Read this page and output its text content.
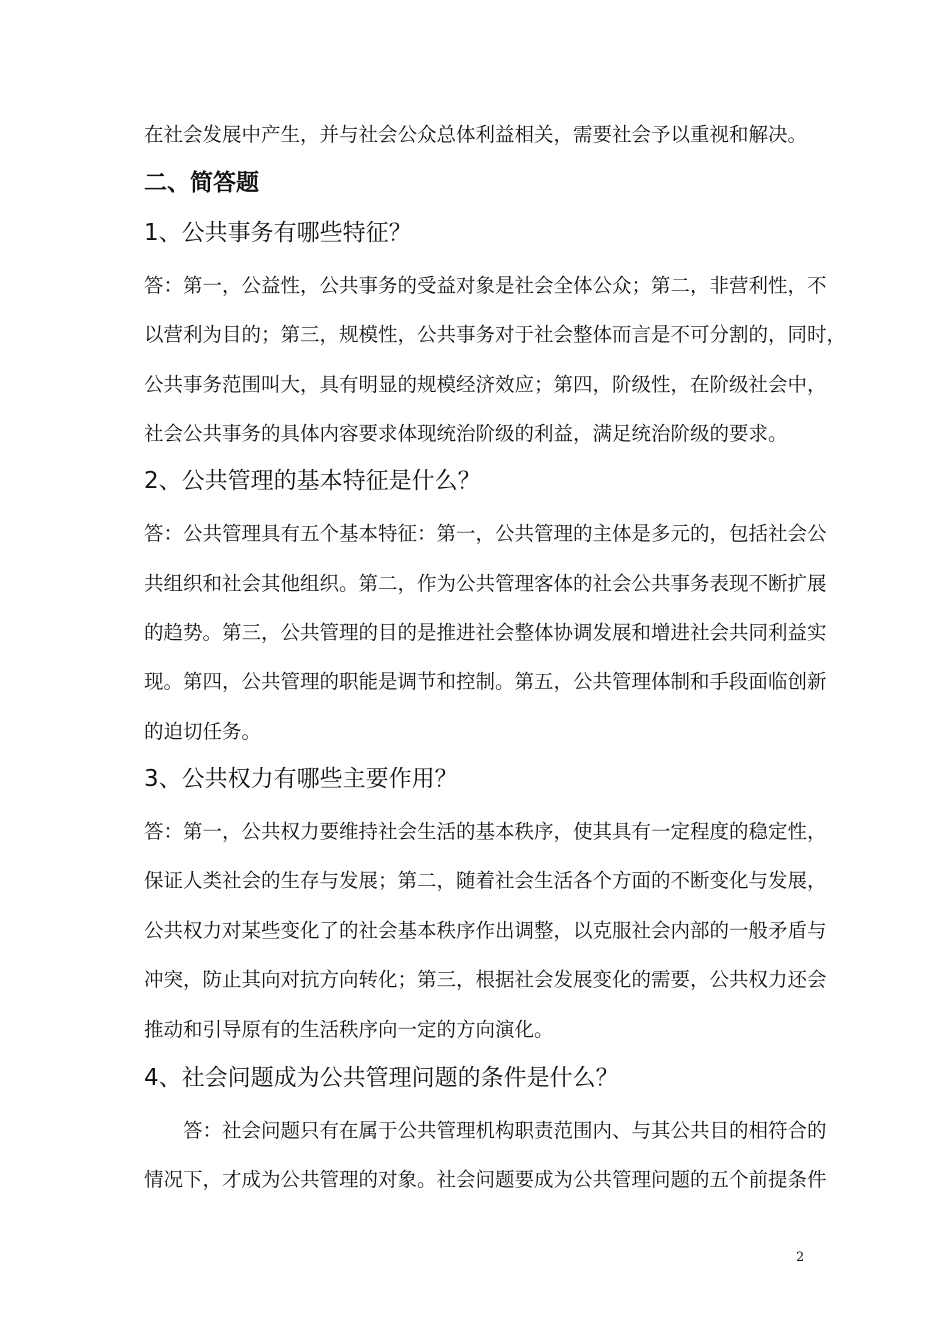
在社会发展中产生，并与社会公众总体利益相关，需要社会予以重视和解决。
二、简答题
1、公共事务有哪些特征？
答：第一，公益性，公共事务的受益对象是社会全体公众；第二，非营利性，不
以营利为目的；第三，规模性，公共事务对于社会整体而言是不可分割的，同时，
公共事务范围叫大，具有明显的规模经济效应；第四，阶级性，在阶级社会中，
社会公共事务的具体内容要求体现统治阶级的利益，满足统治阶级的要求。
2、公共管理的基本特征是什么？
答：公共管理具有五个基本特征：第一，公共管理的主体是多元的，包括社会公
共组织和社会其他组织。第二，作为公共管理客体的社会公共事务表现不断扩展
的趋势。第三，公共管理的目的是推进社会整体协调发展和增进社会共同利益实
现。第四，公共管理的职能是调节和控制。第五，公共管理体制和手段面临创新
的迫切任务。
3、公共权力有哪些主要作用？
答：第一，公共权力要维持社会生活的基本秩序，使其具有一定程度的稳定性，
保证人类社会的生存与发展；第二，随着社会生活各个方面的不断变化与发展，
公共权力对某些变化了的社会基本秩序作出调整，以克服社会内部的一般矛盾与
冲突，防止其向对抗方向转化；第三，根据社会发展变化的需要，公共权力还会
推动和引导原有的生活秩序向一定的方向演化。
4、社会问题成为公共管理问题的条件是什么？
答：社会问题只有在属于公共管理机构职责范围内、与其公共目的相符合的
情况下，才成为公共管理的对象。社会问题要成为公共管理问题的五个前提条件
2
